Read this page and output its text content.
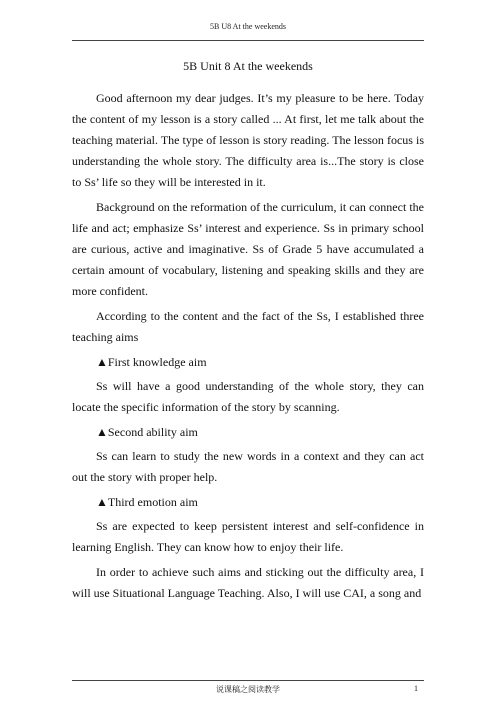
5B U8 At the weekends
5B Unit 8 At the weekends

Good afternoon my dear judges. It’s my pleasure to be here. Today the content of my lesson is a story called ... At first, let me talk about the teaching material. The type of lesson is story reading. The lesson focus is understanding the whole story. The difficulty area is...The story is close to Ss’ life so they will be interested in it.

Background on the reformation of the curriculum, it can connect the life and act; emphasize Ss’ interest and experience. Ss in primary school are curious, active and imaginative. Ss of Grade 5 have accumulated a certain amount of vocabulary, listening and speaking skills and they are more confident.

According to the content and the fact of the Ss, I established three teaching aims

▲First knowledge aim

Ss will have a good understanding of the whole story, they can locate the specific information of the story by scanning.

▲Second ability aim

Ss can learn to study the new words in a context and they can act out the story with proper help.

▲Third emotion aim

Ss are expected to keep persistent interest and self-confidence in learning English. They can know how to enjoy their life.

In order to achieve such aims and sticking out the difficulty area, I will use Situational Language Teaching. Also, I will use CAI, a song and

说课稿之阅读教学	1
